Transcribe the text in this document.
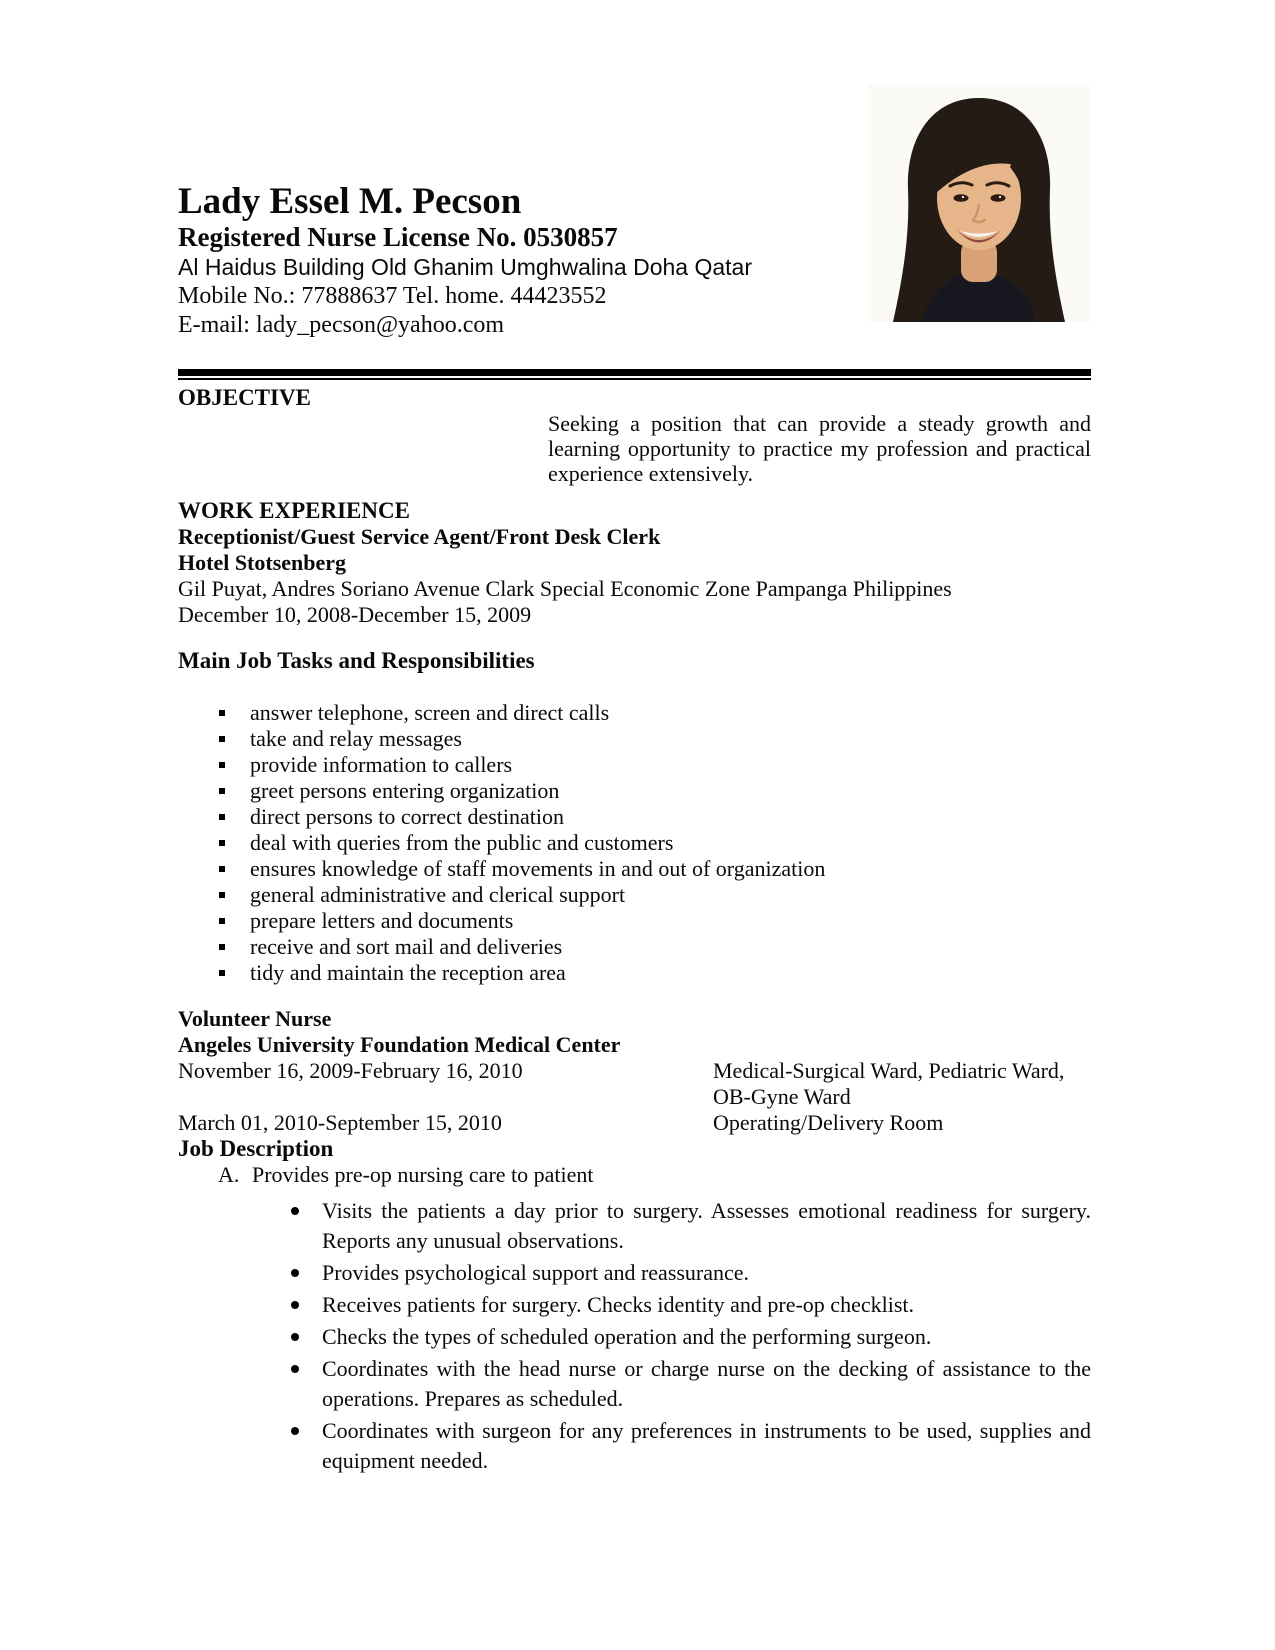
Lady Essel M. Pecson
Registered Nurse License No. 0530857
Al Haidus Building Old Ghanim Umghwalina Doha Qatar
Mobile No.: 77888637 Tel. home. 44423552
E-mail: lady_pecson@yahoo.com
OBJECTIVE

Seeking a position that can provide a steady growth and learning opportunity to practice my profession and practical experience extensively.

WORK EXPERIENCE
Receptionist/Guest Service Agent/Front Desk Clerk
Hotel Stotsenberg
Gil Puyat, Andres Soriano Avenue Clark Special Economic Zone Pampanga Philippines
December 10, 2008-December 15, 2009
Main Job Tasks and Responsibilities
answer telephone, screen and direct calls
take and relay messages
provide information to callers
greet persons entering organization
direct persons to correct destination
deal with queries from the public and customers
ensures knowledge of staff movements in and out of organization
general administrative and clerical support
prepare letters and documents
receive and sort mail and deliveries
tidy and maintain the reception area
Volunteer Nurse
Angeles University Foundation Medical Center
November 16, 2009-February 16, 2010	Medical-Surgical Ward, Pediatric Ward, OB-Gyne Ward
March 01, 2010-September 15, 2010	Operating/Delivery Room
Job Description
A. Provides pre-op nursing care to patient
Visits the patients a day prior to surgery. Assesses emotional readiness for surgery. Reports any unusual observations.
Provides psychological support and reassurance.
Receives patients for surgery. Checks identity and pre-op checklist.
Checks the types of scheduled operation and the performing surgeon.
Coordinates with the head nurse or charge nurse on the decking of assistance to the operations. Prepares as scheduled.
Coordinates with surgeon for any preferences in instruments to be used, supplies and equipment needed.
